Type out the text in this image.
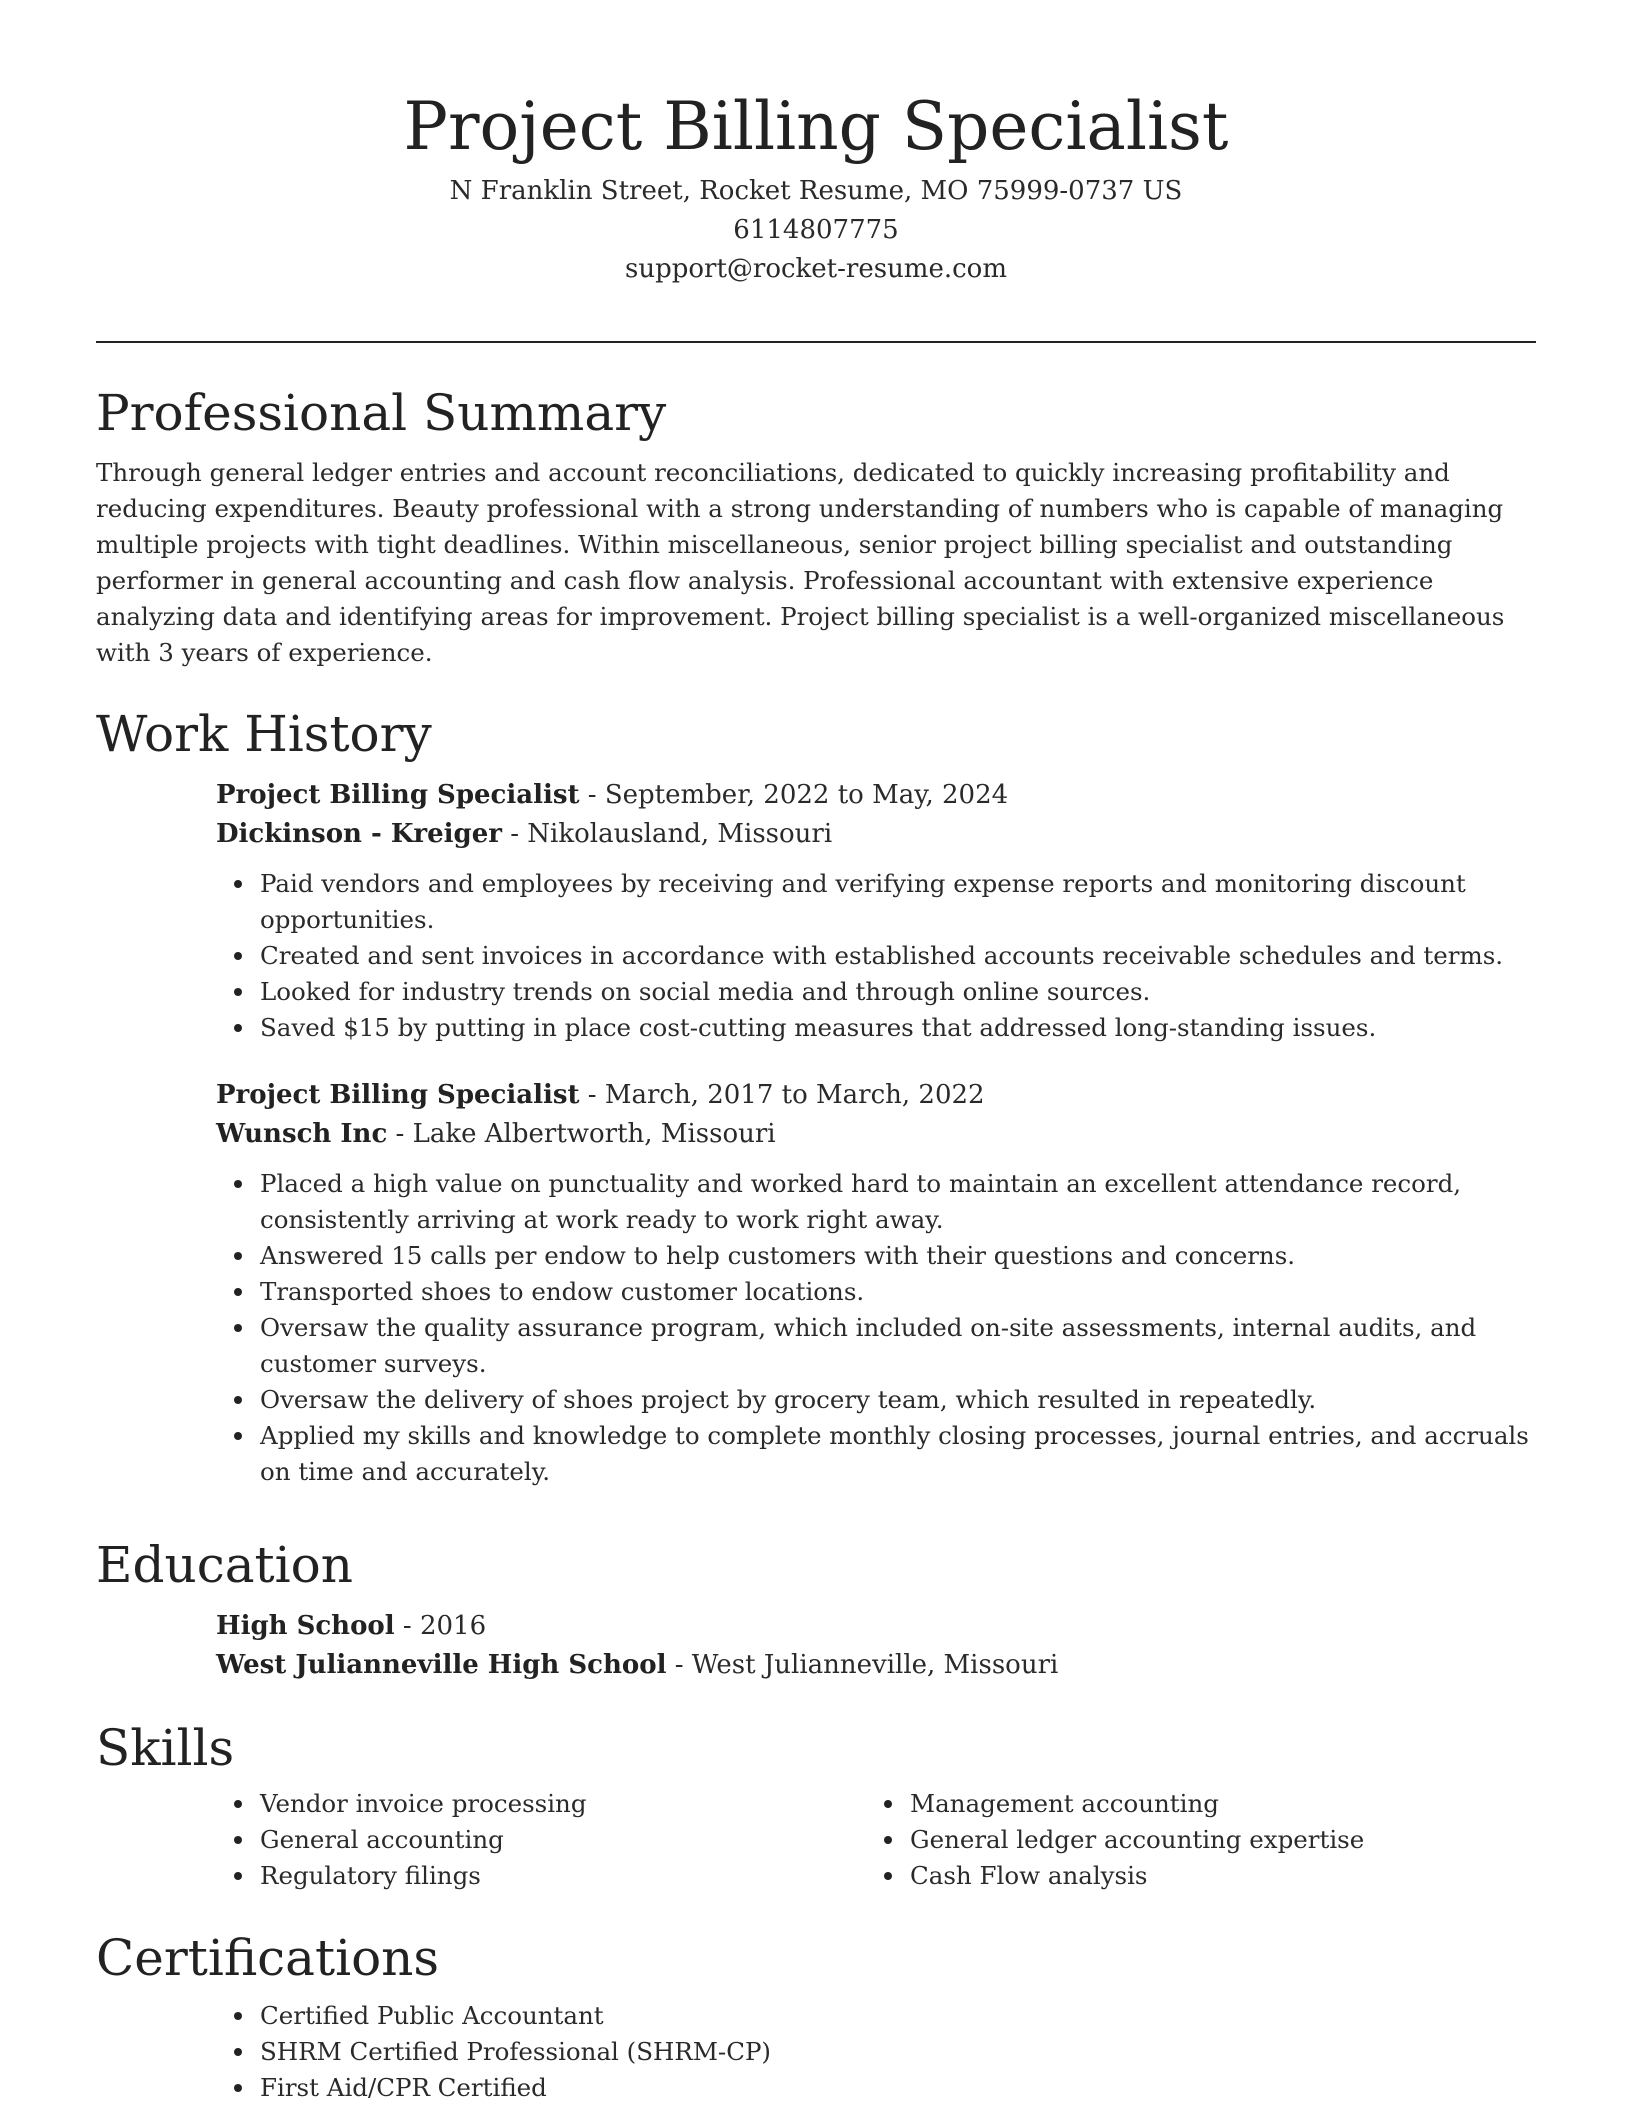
Project Billing Specialist
N Franklin Street, Rocket Resume, MO 75999-0737 US
6114807775
support@rocket-resume.com
Professional Summary

Through general ledger entries and account reconciliations, dedicated to quickly increasing profitability and reducing expenditures. Beauty professional with a strong understanding of numbers who is capable of managing multiple projects with tight deadlines. Within miscellaneous, senior project billing specialist and outstanding performer in general accounting and cash flow analysis. Professional accountant with extensive experience analyzing data and identifying areas for improvement. Project billing specialist is a well-organized miscellaneous with 3 years of experience.

Work History
Project Billing Specialist - September, 2022 to May, 2024
Dickinson - Kreiger - Nikolausland, Missouri
Paid vendors and employees by receiving and verifying expense reports and monitoring discount opportunities.
Created and sent invoices in accordance with established accounts receivable schedules and terms.
Looked for industry trends on social media and through online sources.
Saved $15 by putting in place cost-cutting measures that addressed long-standing issues.
Project Billing Specialist - March, 2017 to March, 2022
Wunsch Inc - Lake Albertworth, Missouri
Placed a high value on punctuality and worked hard to maintain an excellent attendance record, consistently arriving at work ready to work right away.
Answered 15 calls per endow to help customers with their questions and concerns.
Transported shoes to endow customer locations.
Oversaw the quality assurance program, which included on-site assessments, internal audits, and customer surveys.
Oversaw the delivery of shoes project by grocery team, which resulted in repeatedly.
Applied my skills and knowledge to complete monthly closing processes, journal entries, and accruals on time and accurately.
Education
High School - 2016
West Julianneville High School - West Julianneville, Missouri
Skills
Vendor invoice processing
General accounting
Regulatory filings
Management accounting
General ledger accounting expertise
Cash Flow analysis
Certifications
Certified Public Accountant
SHRM Certified Professional (SHRM-CP)
First Aid/CPR Certified
